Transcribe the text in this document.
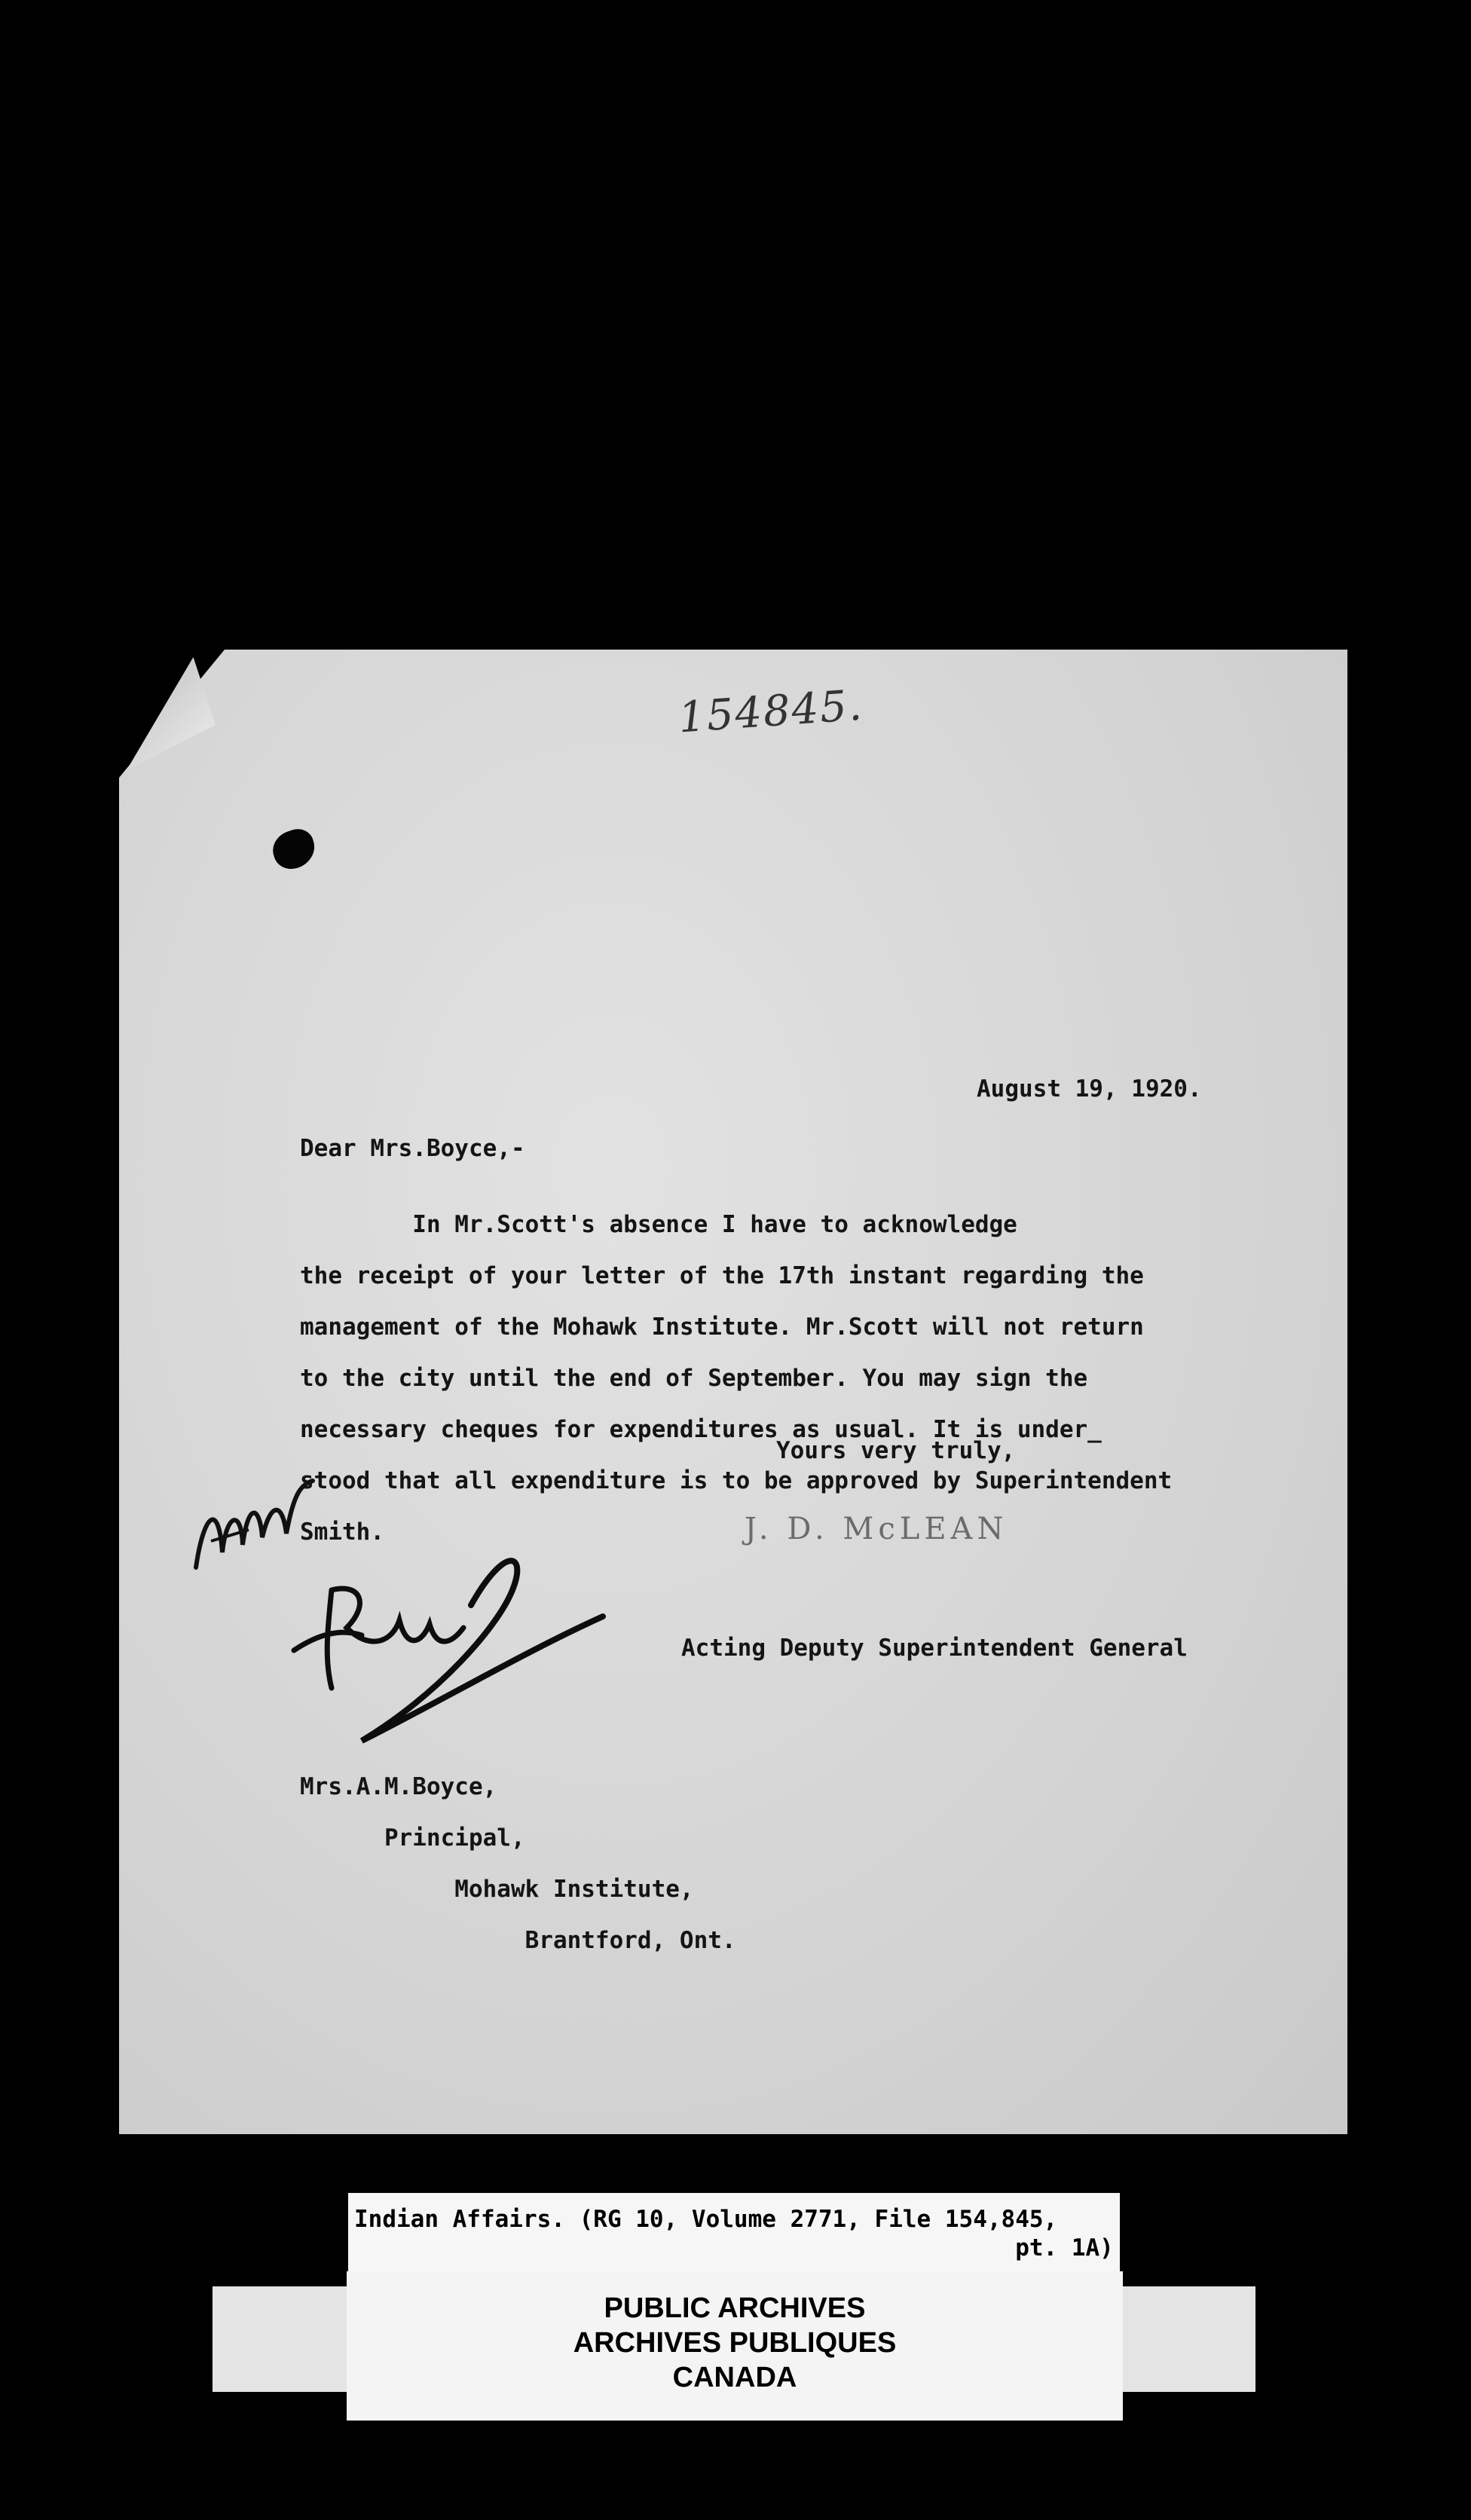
154845.
August 19, 1920.
Dear Mrs.Boyce,-

In Mr.Scott's absence I have to acknowledge

the receipt of your letter of the 17th instant regarding the

management of the Mohawk Institute. Mr.Scott will not return

to the city until the end of September. You may sign the

necessary cheques for expenditures as usual. It is under_

stood that all expenditure is to be approved by Superintendent

Smith.

Yours very truly,
J. D. McLEAN
Acting Deputy Superintendent General

Mrs.A.M.Boyce,

Principal,

Mohawk Institute,

Brantford, Ont.

Indian Affairs. (RG 10, Volume 2771, File 154,845,
pt. 1A)
PUBLIC ARCHIVES
ARCHIVES PUBLIQUES
CANADA
